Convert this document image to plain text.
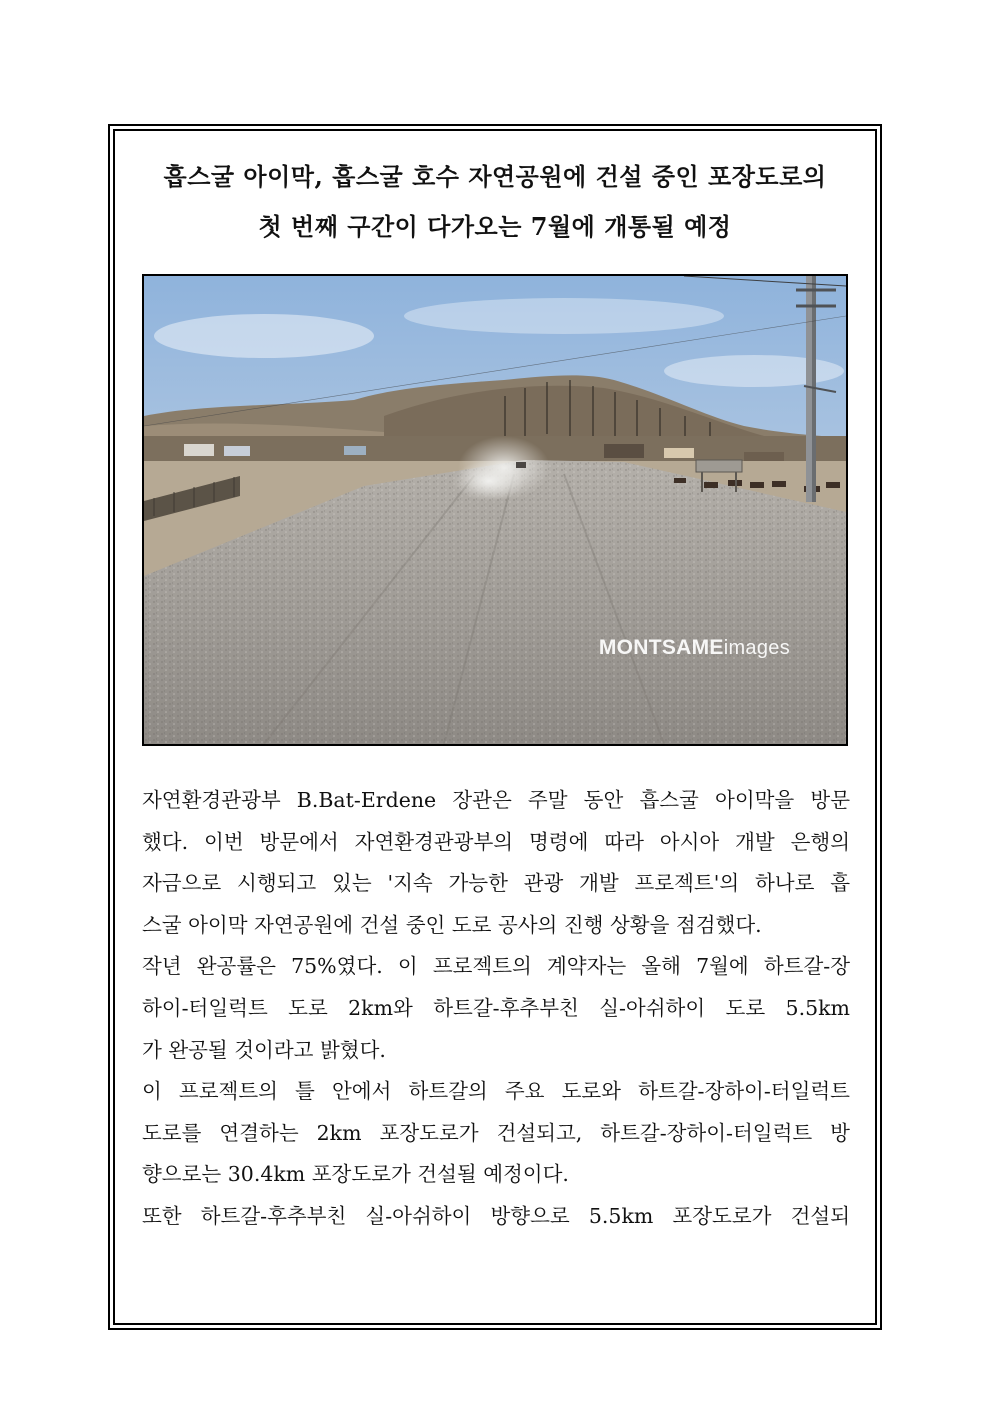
흡스굴 아이막, 흡스굴 호수 자연공원에 건설 중인 포장도로의
첫 번째 구간이 다가오는 7월에 개통될 예정
MONTSAMEimages
자연환경관광부 B.Bat-Erdene 장관은 주말 동안 흡스굴 아이막을 방문
했다. 이번 방문에서 자연환경관광부의 명령에 따라 아시아 개발 은행의
자금으로 시행되고 있는 '지속 가능한 관광 개발 프로젝트'의 하나로 흡
스굴 아이막 자연공원에 건설 중인 도로 공사의 진행 상황을 점검했다.
작년 완공률은 75%였다. 이 프로젝트의 계약자는 올해 7월에 하트갈-장
하이-터일럭트 도로 2km와 하트갈-후추부친 실-아쉬하이 도로 5.5km
가 완공될 것이라고 밝혔다.
이 프로젝트의 틀 안에서 하트갈의 주요 도로와 하트갈-장하이-터일럭트
도로를 연결하는 2km 포장도로가 건설되고, 하트갈-장하이-터일럭트 방
향으로는 30.4km 포장도로가 건설될 예정이다.
또한 하트갈-후추부친 실-아쉬하이 방향으로 5.5km 포장도로가 건설되
